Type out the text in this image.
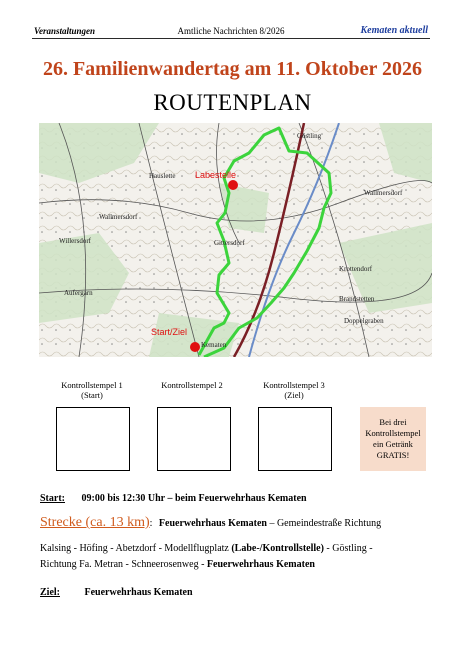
Veranstaltungen	Amtliche Nachrichten 8/2026	Kematen aktuell
26. Familienwandertag am 11. Oktober 2026
ROUTENPLAN
Labestelle
Start/Ziel
Göstling
Hauslette
Wallmersdorf
Willersdorf	Gittersdorf
Krottendorf
Aufergarn
Brandstetten
Doppelgraben
Kematen
Wallmersdorf
Kontrollstempel 1
(Start)
Kontrollstempel 2	Kontrollstempel 3
(Ziel)
Bei drei Kontrollstempel ein Getränk GRATIS!
Start: 09:00 bis 12:30 Uhr – beim Feuerwehrhaus Kematen
Strecke (ca. 13 km): Feuerwehrhaus Kematen – Gemeindestraße Richtung
Kalsing - Höfing - Abetzdorf - Modellflugplatz (Labe-/Kontrollstelle) - Göstling -
Richtung Fa. Metran - Schneerosenweg - Feuerwehrhaus Kematen
Ziel: Feuerwehrhaus Kematen
